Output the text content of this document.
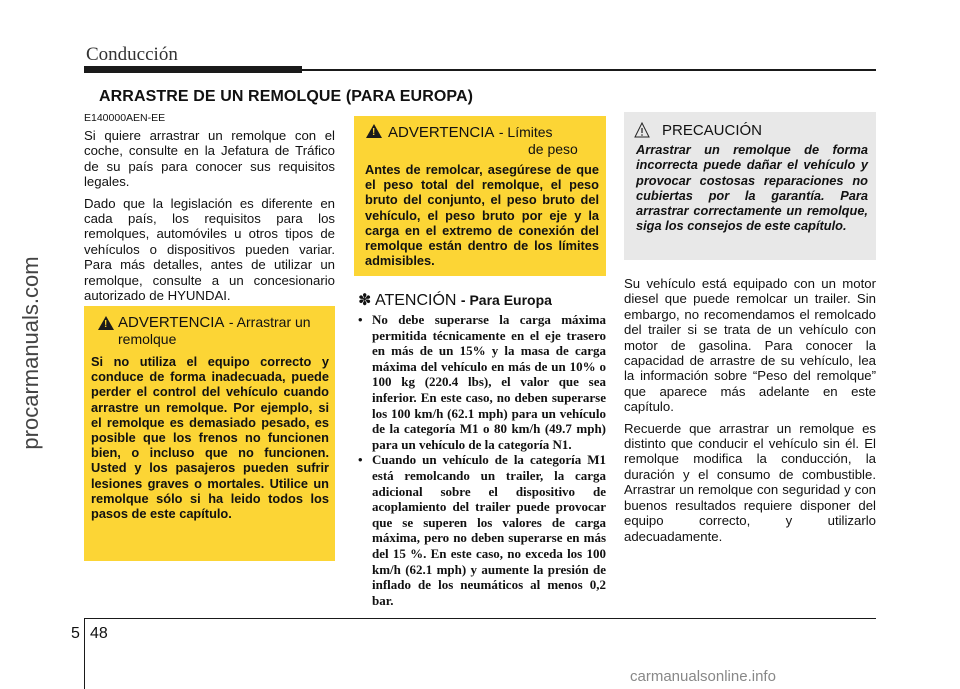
Conducción
ARRASTRE DE UN REMOLQUE (PARA EUROPA)
E140000AEN-EE

Si quiere arrastrar un remolque con el coche, consulte en la Jefatura de Tráfico de su país para conocer sus requisitos legales.

Dado que la legislación es diferente en cada país, los requisitos para los remolques, automóviles u otros tipos de vehículos o dispositivos pueden variar. Para más detalles, antes de utilizar un remolque, consulte a un concesionario autorizado de HYUNDAI.

! ADVERTENCIA - Arrastrar un remolque
Si no utiliza el equipo correcto y conduce de forma inadecuada, puede perder el control del vehículo cuando arrastre un remolque. Por ejemplo, si el remolque es demasiado pesado, es posible que los frenos no funcionen bien, o incluso que no funcionen. Usted y los pasajeros pueden sufrir lesiones graves o mortales. Utilice un remolque sólo si ha leido todos los pasos de este capítulo.
! ADVERTENCIA - Límites
de peso
Antes de remolcar, asegúrese de que el peso total del remolque, el peso bruto del conjunto, el peso bruto del vehículo, el peso bruto por eje y la carga en el extremo de conexión del remolque están dentro de los límites admisibles.
✽ ATENCIÓN - Para Europa
• No debe superarse la carga máxima permitida técnicamente en el eje trasero en más de un 15% y la masa de carga máxima del vehículo en más de un 10% o 100 kg (220.4 lbs), el valor que sea inferior. En este caso, no deben superarse los 100 km/h (62.1 mph) para un vehículo de la categoría M1 o 80 km/h (49.7 mph) para un vehículo de la categoría N1.
• Cuando un vehículo de la categoría M1 está remolcando un trailer, la carga adicional sobre el dispositivo de acoplamiento del trailer puede provocar que se superen los valores de carga máxima, pero no deben superarse en más del 15 %. En este caso, no exceda los 100 km/h (62.1 mph) y aumente la presión de inflado de los neumáticos al menos 0,2 bar.
PRECAUCIÓN
Arrastrar un remolque de forma incorrecta puede dañar el vehículo y provocar costosas reparaciones no cubiertas por la garantía. Para arrastrar correctamente un remolque, siga los consejos de este capítulo.

Su vehículo está equipado con un motor diesel que puede remolcar un trailer. Sin embargo, no recomendamos el remolcado del trailer si se trata de un vehículo con motor de gasolina. Para conocer la capacidad de arrastre de su vehículo, lea la información sobre “Peso del remolque” que aparece más adelante en este capítulo.

Recuerde que arrastrar un remolque es distinto que conducir el vehículo sin él. El remolque modifica la conducción, la duración y el consumo de combustible. Arrastrar un remolque con seguridad y con buenos resultados requiere disponer del equipo correcto, y utilizarlo adecuadamente.

5 48
procarmanuals.com
carmanualsonline.info
